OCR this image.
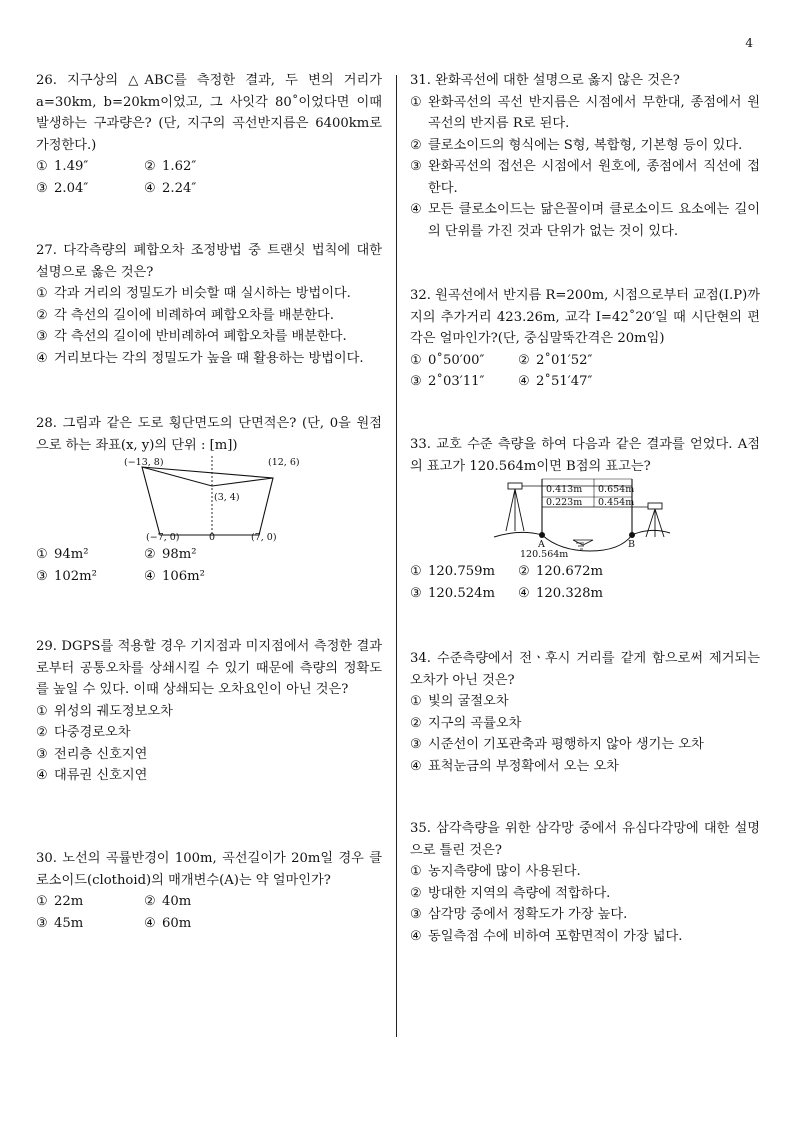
4
26. 지구상의 △ABC를 측정한 결과, 두 변의 거리가 a=30km, b=20km이었고, 그 사잇각 80˚이었다면 이때 발생하는 구과량은? (단, 지구의 곡선반지름은 6400km로 가정한다.)
① 1.49″	② 1.62″
③ 2.04″	④ 2.24″
27. 다각측량의 폐합오차 조정방법 중 트랜싯 법칙에 대한 설명으로 옳은 것은?
① 각과 거리의 정밀도가 비슷할 때 실시하는 방법이다.
② 각 측선의 길이에 비례하여 폐합오차를 배분한다.
③ 각 측선의 길이에 반비례하여 폐합오차를 배분한다.
④ 거리보다는 각의 정밀도가 높을 때 활용하는 방법이다.
28. 그림과 같은 도로 횡단면도의 단면적은? (단, 0을 원점으로 하는 좌표(x, y)의 단위 : [m])
(−13, 8)	(12, 6)
(3, 4)
(−7, 0)	0	(7, 0)
① 94m²	② 98m²
③ 102m²	④ 106m²
29. DGPS를 적용할 경우 기지점과 미지점에서 측정한 결과로부터 공통오차를 상쇄시킬 수 있기 때문에 측량의 정확도를 높일 수 있다. 이때 상쇄되는 오차요인이 아닌 것은?
① 위성의 궤도정보오차
② 다중경로오차
③ 전리층 신호지연
④ 대류권 신호지연
30. 노선의 곡률반경이 100m, 곡선길이가 20m일 경우 클로소이드(clothoid)의 매개변수(A)는 약 얼마인가?
① 22m	② 40m
③ 45m	④ 60m
31. 완화곡선에 대한 설명으로 옳지 않은 것은?
① 완화곡선의 곡선 반지름은 시점에서 무한대, 종점에서 원곡선의 반지름 R로 된다.
② 클로소이드의 형식에는 S형, 복합형, 기본형 등이 있다.
③ 완화곡선의 접선은 시점에서 원호에, 종점에서 직선에 접한다.
④ 모든 클로소이드는 닮은꼴이며 클로소이드 요소에는 길이의 단위를 가진 것과 단위가 없는 것이 있다.
32. 원곡선에서 반지름 R=200m, 시점으로부터 교점(I.P)까지의 추가거리 423.26m, 교각 I=42˚20′일 때 시단현의 편각은 얼마인가?(단, 중심말뚝간격은 20m임)
① 0˚50′00″	② 2˚01′52″
③ 2˚03′11″	④ 2˚51′47″
33. 교호 수준 측량을 하여 다음과 같은 결과를 얻었다. A점의 표고가 120.564m이면 B점의 표고는?
0.413m 0.654m
0.223m 0.454m
A	B
120.564m
① 120.759m ② 120.672m
③ 120.524m ④ 120.328m
34. 수준측량에서 전ㆍ후시 거리를 같게 함으로써 제거되는 오차가 아닌 것은?
① 빛의 굴절오차
② 지구의 곡률오차
③ 시준선이 기포관축과 평행하지 않아 생기는 오차
④ 표척눈금의 부정확에서 오는 오차
35. 삼각측량을 위한 삼각망 중에서 유심다각망에 대한 설명으로 틀린 것은?
① 농지측량에 많이 사용된다.
② 방대한 지역의 측량에 적합하다.
③ 삼각망 중에서 정확도가 가장 높다.
④ 동일측점 수에 비하여 포함면적이 가장 넓다.
